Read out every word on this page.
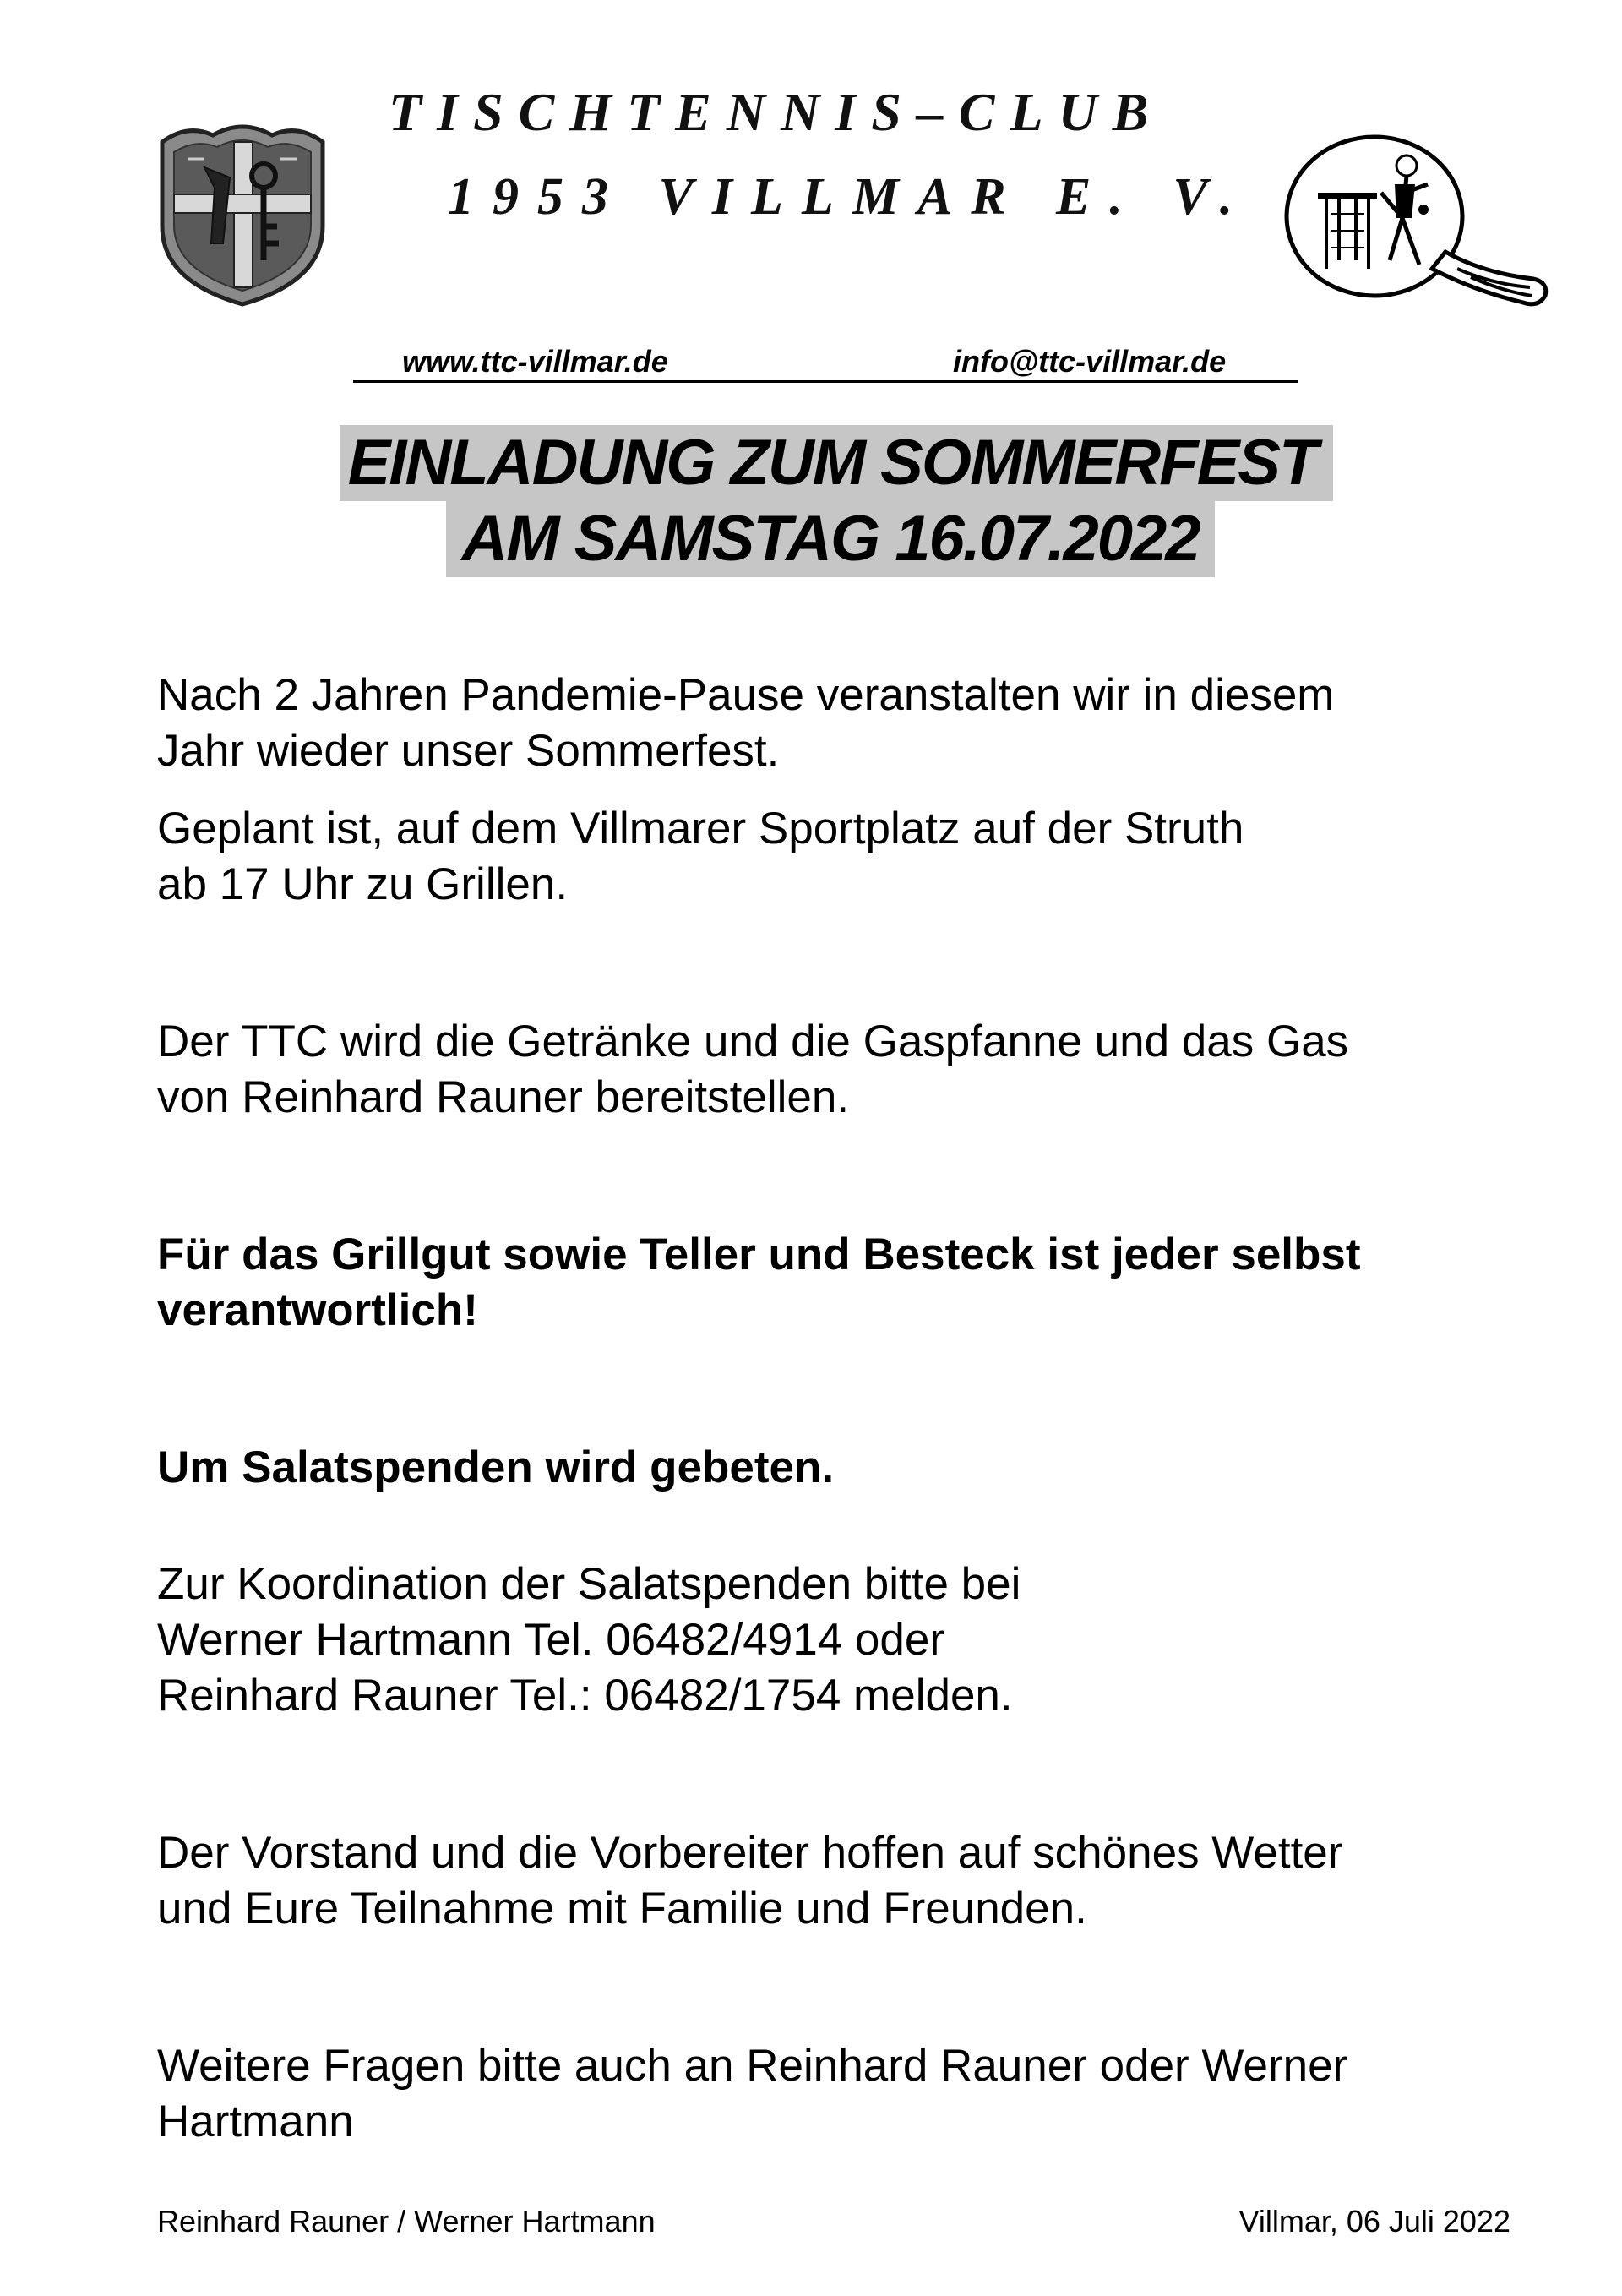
TISCHTENNIS–CLUB
1953 VILLMAR E. V.
www.ttc-villmar.de	info@ttc-villmar.de
EINLADUNG ZUM SOMMERFEST
AM SAMSTAG 16.07.2022
Nach 2 Jahren Pandemie-Pause veranstalten wir in diesem
Jahr wieder unser Sommerfest.
Geplant ist, auf dem Villmarer Sportplatz auf der Struth
ab 17 Uhr zu Grillen.
Der TTC wird die Getränke und die Gaspfanne und das Gas
von Reinhard Rauner bereitstellen.
Für das Grillgut sowie Teller und Besteck ist jeder selbst
verantwortlich!
Um Salatspenden wird gebeten.
Zur Koordination der Salatspenden bitte bei
Werner Hartmann Tel. 06482/4914 oder
Reinhard Rauner Tel.: 06482/1754 melden.
Der Vorstand und die Vorbereiter hoffen auf schönes Wetter
und Eure Teilnahme mit Familie und Freunden.
Weitere Fragen bitte auch an Reinhard Rauner oder Werner
Hartmann
Reinhard Rauner / Werner Hartmann	Villmar, 06 Juli 2022
